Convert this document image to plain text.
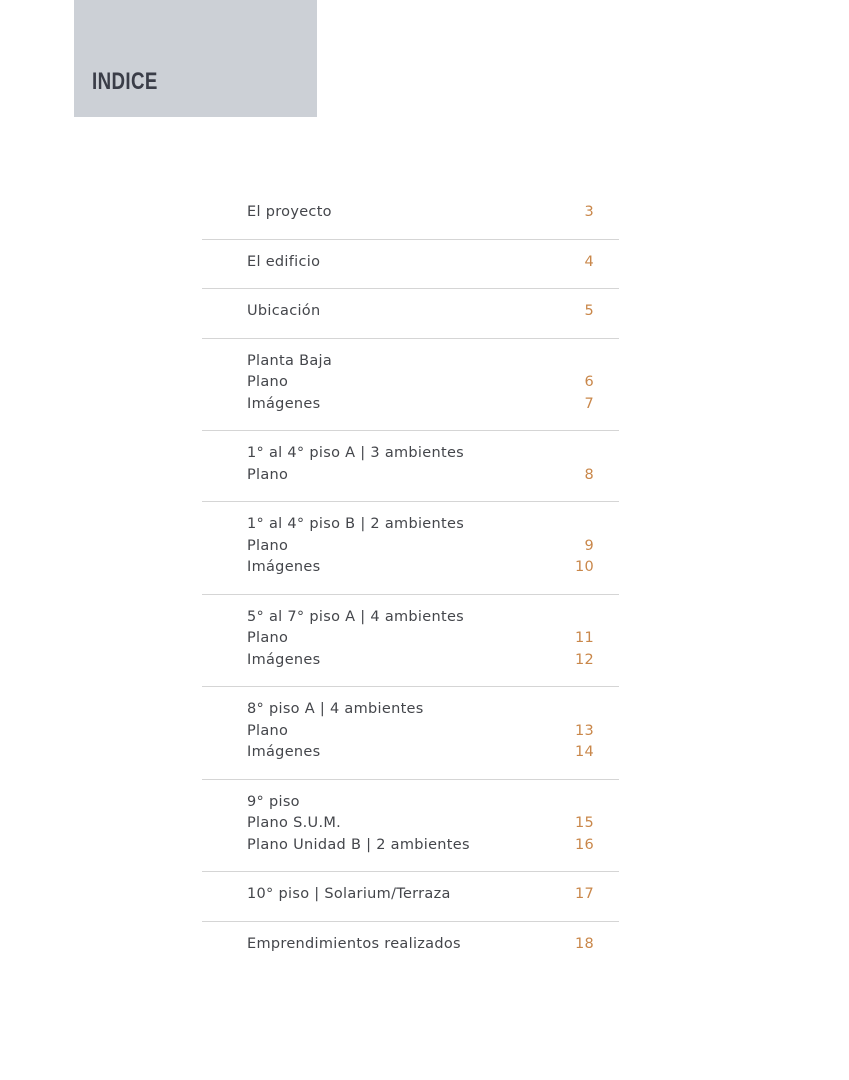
INDICE
El proyecto	3
El edificio	4
Ubicación	5
Planta Baja
Plano	6
Imágenes	7
1° al 4° piso A | 3 ambientes
Plano	8
1° al 4° piso B | 2 ambientes
Plano	9
Imágenes	10
5° al 7° piso A | 4 ambientes
Plano	11
Imágenes	12
8° piso A | 4 ambientes
Plano	13
Imágenes	14
9° piso
Plano S.U.M.	15
Plano Unidad B | 2 ambientes	16
10° piso | Solarium/Terraza	17
Emprendimientos realizados	18
